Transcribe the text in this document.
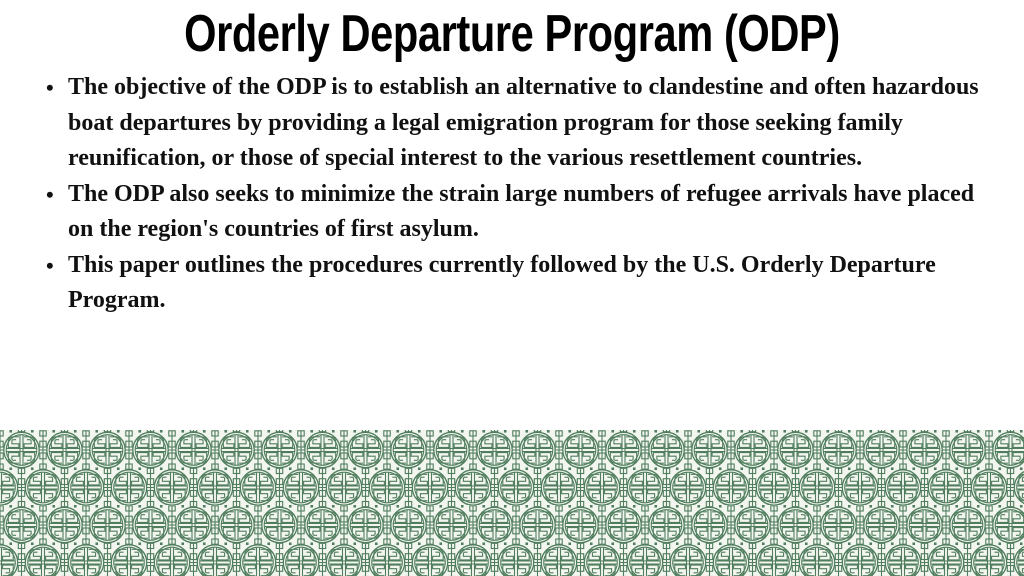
Orderly Departure Program (ODP)
• The objective of the ODP is to establish an alternative to clandestine and often hazardous boat departures by providing a legal emigration program for those seeking family reunification, or those of special interest to the various resettlement countries.
• The ODP also seeks to minimize the strain large numbers of refugee arrivals have placed on the region's countries of first asylum.
• This paper outlines the procedures currently followed by the U.S. Orderly Departure Program.
